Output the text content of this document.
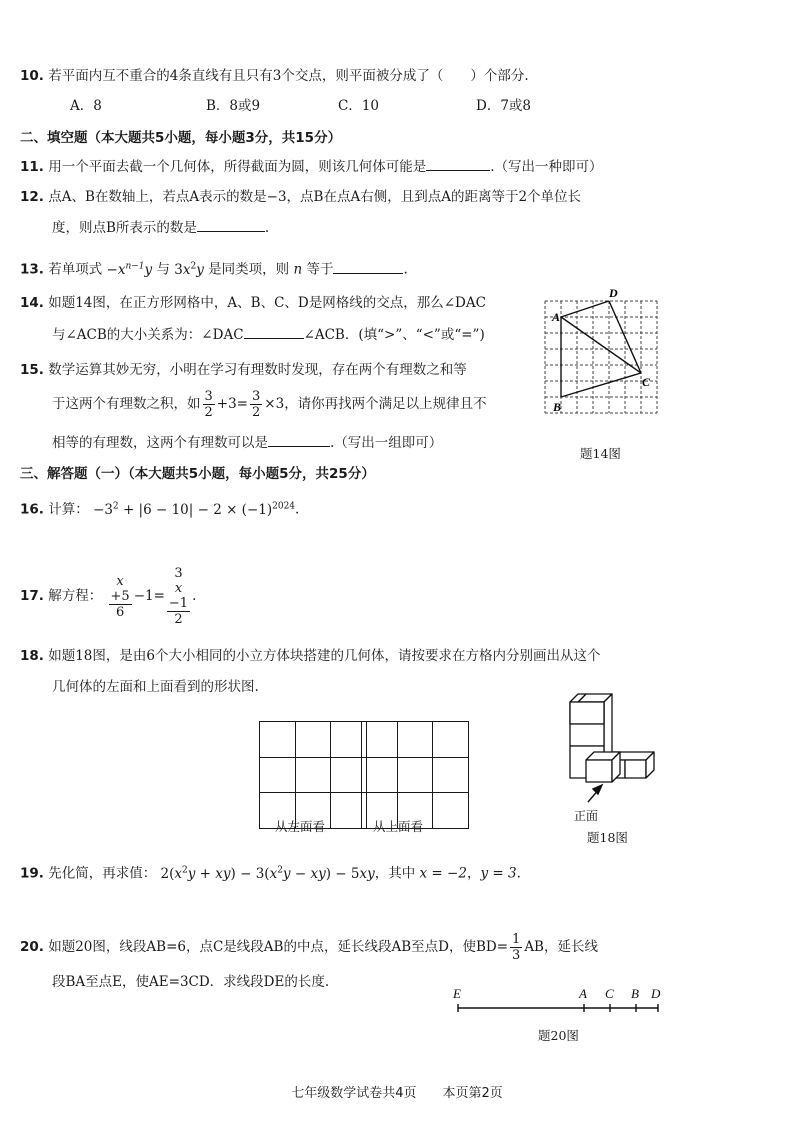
10. 若平面内互不重合的4条直线有且只有3个交点，则平面被分成了（　　）个部分.
A．8	B．8或9	C．10	D．7或8
二、填空题（本大题共5小题，每小题3分，共15分）
11. 用一个平面去截一个几何体，所得截面为圆，则该几何体可能是	.（写出一种即可）
12. 点A、B在数轴上，若点A表示的数是−3，点B在点A右侧，且到点A的距离等于2个单位长
度，则点B所表示的数是	.
13. 若单项式 $-x^{n-1}y$ 与 $3x^2y$ 是同类项，则 n 等于	.
14. 如题14图，在正方形网格中，A、B、C、D是网格线的交点，那么∠DAC
与∠ACB的大小关系为：∠DAC	∠ACB．(填“>”、“<”或“=”)
D
A
C
B
题14图
15. 数学运算其妙无穷，小明在学习有理数时发现，存在两个有理数之和等
于这两个有理数之积，如 $\frac{3}{2} +3= \frac{3}{2} \times 3$，请你再找两个满足以上规律且不
相等的有理数，这两个有理数可以是	.（写出一组即可）
三、解答题（一）（本大题共5小题，每小题5分，共25分）
16. 计算： $-3^2 + |6 - 10| - 2 \times (-1)^{2024}$.
17. 解方程： x
+5
6 −1= 3
x
−1
2 .
18. 如题18图，是由6个大小相同的小立方体块搭建的几何体，请按要求在方格内分别画出从这个
几何体的左面和上面看到的形状图.
从左面看	从上面看
正面
题18图
19. 先化简，再求值： $2(x^2y + xy) - 3(x^2y - xy) - 5xy$，其中 x = −2，y = 3.
20. 如题20图，线段AB=6，点C是线段AB的中点，延长线段AB至点D，使$BD= \frac{1}{3}$ AB，延长线
段BA至点E，使AE=3CD．求线段DE的长度.
E	A C B D
题20图
七年级数学试卷共4页　　本页第2页
